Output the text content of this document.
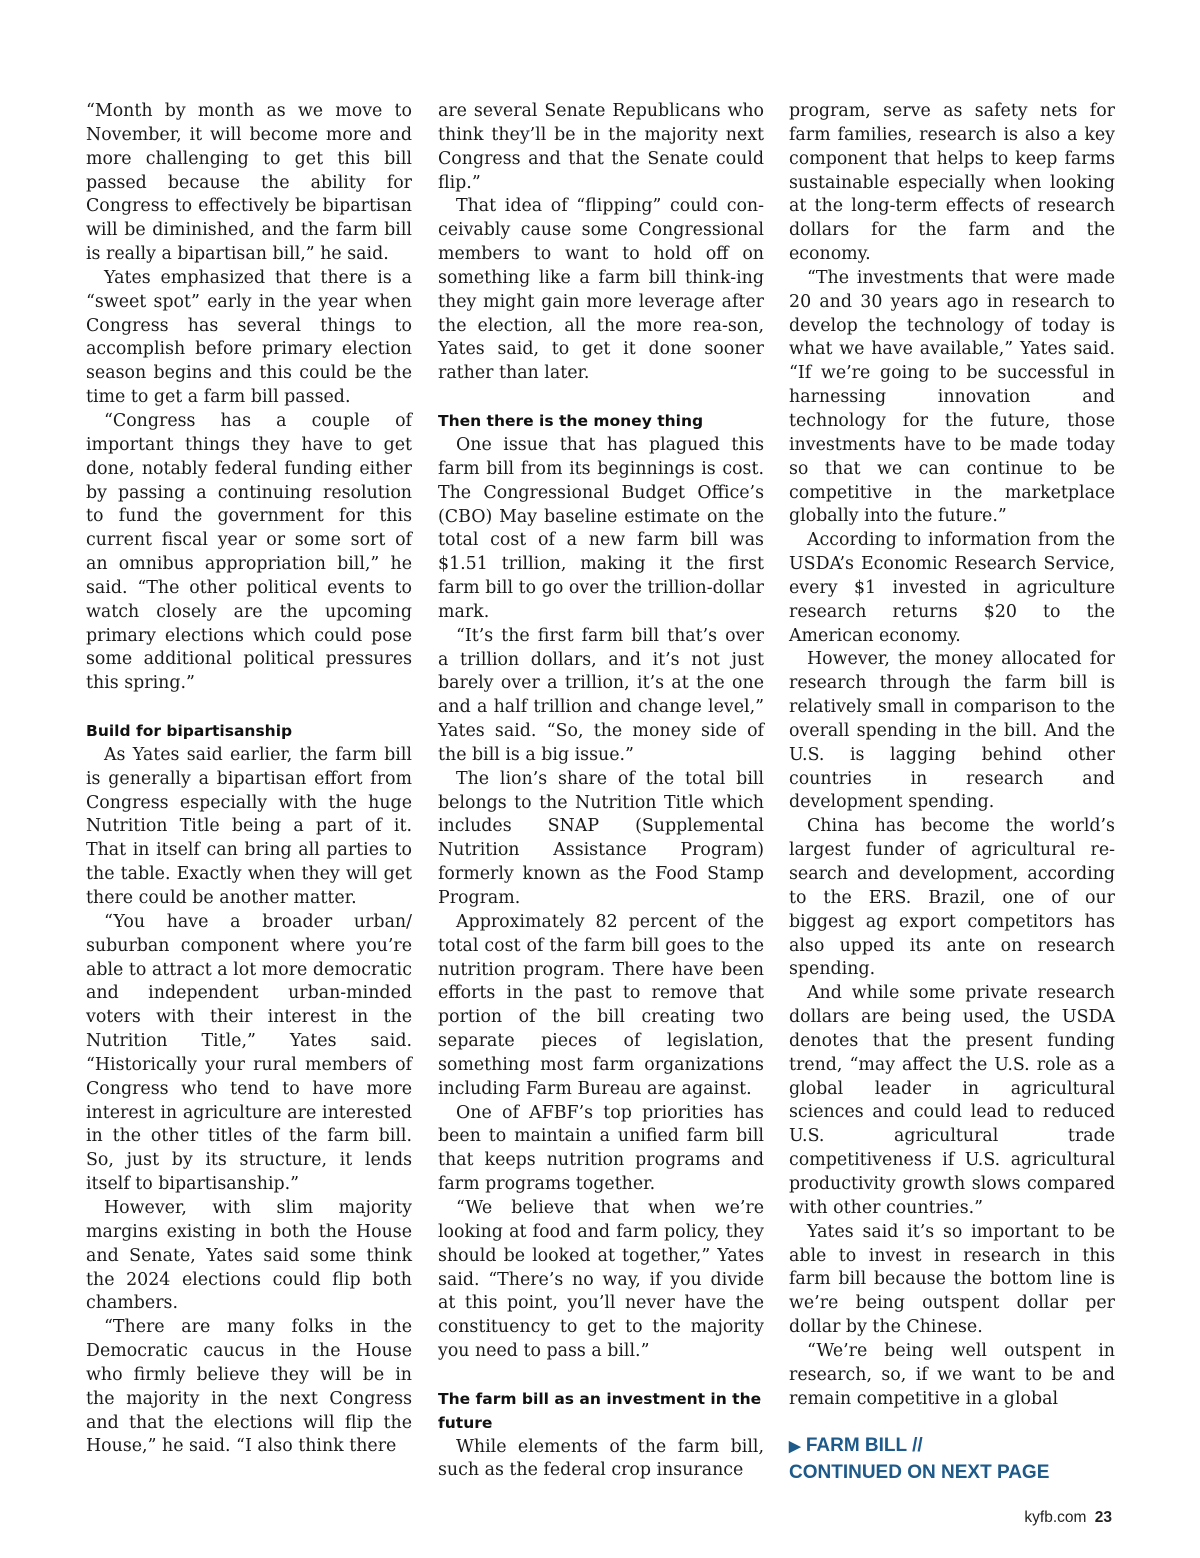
“Month by month as we move to November, it will become more and more challenging to get this bill passed because the ability for Congress to effectively be bipartisan will be diminished, and the farm bill is really a bipartisan bill,” he said.

Yates emphasized that there is a “sweet spot” early in the year when Congress has several things to accomplish before primary election season begins and this could be the time to get a farm bill passed.

“Congress has a couple of important things they have to get done, notably federal funding either by passing a continuing resolution to fund the government for this current fiscal year or some sort of an omnibus appropriation bill,” he said. “The other political events to watch closely are the upcoming primary elections which could pose some additional political pressures this spring.”

Build for bipartisanship

As Yates said earlier, the farm bill is generally a bipartisan effort from Congress especially with the huge Nutrition Title being a part of it. That in itself can bring all parties to the table. Exactly when they will get there could be another matter.

“You have a broader urban/ suburban component where you’re able to attract a lot more democratic and independent urban-minded voters with their interest in the Nutrition Title,” Yates said. “Historically your rural members of Congress who tend to have more interest in agriculture are interested in the other titles of the farm bill. So, just by its structure, it lends itself to bipartisanship.”

However, with slim majority margins existing in both the House and Senate, Yates said some think the 2024 elections could flip both chambers.

“There are many folks in the Democratic caucus in the House who firmly believe they will be in the majority in the next Congress and that the elections will flip the House,” he said. “I also think there

are several Senate Republicans who think they’ll be in the majority next Congress and that the Senate could flip.”

That idea of “flipping” could con-ceivably cause some Congressional members to want to hold off on something like a farm bill think-ing they might gain more leverage after the election, all the more rea-son, Yates said, to get it done sooner rather than later.

Then there is the money thing

One issue that has plagued this farm bill from its beginnings is cost. The Congressional Budget Office’s (CBO) May baseline estimate on the total cost of a new farm bill was $1.51 trillion, making it the first farm bill to go over the trillion-dollar mark.

“It’s the first farm bill that’s over a trillion dollars, and it’s not just barely over a trillion, it’s at the one and a half trillion and change level,” Yates said. “So, the money side of the bill is a big issue.”

The lion’s share of the total bill belongs to the Nutrition Title which includes SNAP (Supplemental Nutrition Assistance Program) formerly known as the Food Stamp Program.

Approximately 82 percent of the total cost of the farm bill goes to the nutrition program. There have been efforts in the past to remove that portion of the bill creating two separate pieces of legislation, something most farm organizations including Farm Bureau are against.

One of AFBF’s top priorities has been to maintain a unified farm bill that keeps nutrition programs and farm programs together.

“We believe that when we’re looking at food and farm policy, they should be looked at together,” Yates said. “There’s no way, if you divide at this point, you’ll never have the constituency to get to the majority you need to pass a bill.”

The farm bill as an investment in the future

While elements of the farm bill, such as the federal crop insurance

program, serve as safety nets for farm families, research is also a key component that helps to keep farms sustainable especially when looking at the long-term effects of research dollars for the farm and the economy.

“The investments that were made 20 and 30 years ago in research to develop the technology of today is what we have available,” Yates said. “If we’re going to be successful in harnessing innovation and technology for the future, those investments have to be made today so that we can continue to be competitive in the marketplace globally into the future.”

According to information from the USDA’s Economic Research Service, every $1 invested in agriculture research returns $20 to the American economy.

However, the money allocated for research through the farm bill is relatively small in comparison to the overall spending in the bill. And the U.S. is lagging behind other countries in research and development spending.

China has become the world’s largest funder of agricultural re-search and development, according to the ERS. Brazil, one of our biggest ag export competitors has also upped its ante on research spending.

And while some private research dollars are being used, the USDA denotes that the present funding trend, “may affect the U.S. role as a global leader in agricultural sciences and could lead to reduced U.S. agricultural trade competitiveness if U.S. agricultural productivity growth slows compared with other countries.”

Yates said it’s so important to be able to invest in research in this farm bill because the bottom line is we’re being outspent dollar per dollar by the Chinese.

“We’re being well outspent in research, so, if we want to be and remain competitive in a global

▶ FARM BILL //
CONTINUED ON NEXT PAGE
kyfb.com 23
